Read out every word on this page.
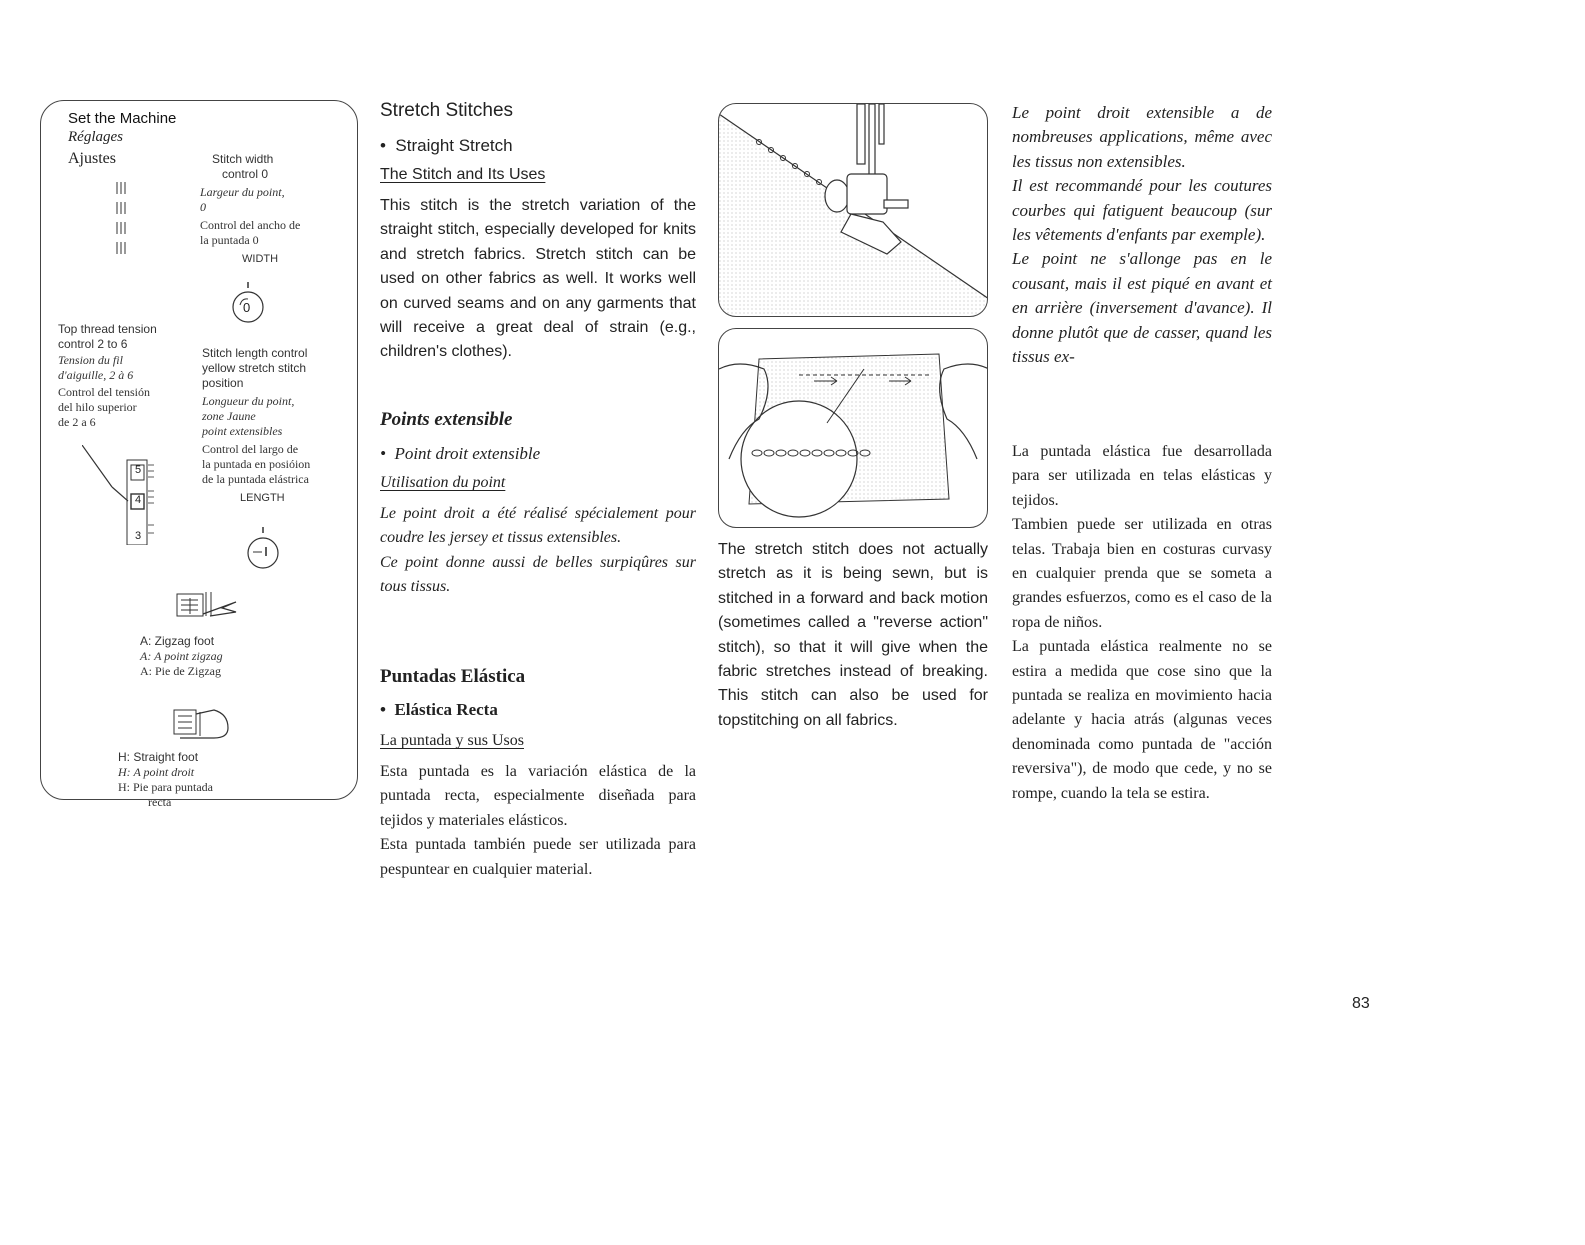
Set the Machine
Réglages
Ajustes	Stitch width

control 0

Largeur du point,

0

Control del ancho de

la puntada 0

WIDTH

0

Top thread tension

control 2 to 6

Tension du fil

d'aiguille, 2 à 6

Control del tensión

del hilo superior

de 2 a 6

Stitch length control

yellow stretch stitch

position

Longueur du point,

zone Jaune

point extensibles

Control del largo de

la puntada en posióion

de la puntada elástrica

LENGTH

5
4
3

A: Zigzag foot

A: A point zigzag

A: Pie de Zigzag

H: Straight foot

H: A point droit

H: Pie para puntada

recta

Stretch Stitches
•  Straight Stretch
The Stitch and Its Uses

This stitch is the stretch variation of the straight stitch, especially developed for knits and stretch fabrics. Stretch stitch can be used on other fabrics as well. It works well on curved seams and on any garments that will receive a great deal of strain (e.g., children's clothes).

Points extensible
•  Point droit extensible
Utilisation du point

Le point droit a été réalisé spécialement pour coudre les jersey et tissus extensibles.

Ce point donne aussi de belles surpiqûres sur tous tissus.

Puntadas Elástica
•  Elástica Recta
La puntada y sus Usos

Esta puntada es la variación elástica de la puntada recta, especialmente diseñada para tejidos y materiales elásticos.

Esta puntada también puede ser utilizada para pespuntear en cualquier material.

The stretch stitch does not actually stretch as it is being sewn, but is stitched in a forward and back motion (sometimes called a "reverse action" stitch), so that it will give when the fabric stretches instead of breaking. This stitch can also be used for topstitching on all fabrics.

Le point droit extensible a de nombreuses applications, même avec les tissus non extensibles.

Il est recommandé pour les coutures courbes qui fatiguent beaucoup (sur les vêtements d'enfants par exemple).

Le point ne s'allonge pas en le cousant, mais il est piqué en avant et en arrière (inversement d'avance). Il donne plutôt que de casser, quand les tissus ex-

La puntada elástica fue desarrollada para ser utilizada en telas elásticas y tejidos.

Tambien puede ser utilizada en otras telas. Trabaja bien en costuras curvasy en cualquier prenda que se someta a grandes esfuerzos, como es el caso de la ropa de niños.

La puntada elástica realmente no se estira a medida que cose sino que la puntada se realiza en movimiento hacia adelante y hacia atrás (algunas veces denominada como puntada de "acción reversiva"), de modo que cede, y no se rompe, cuando la tela se estira.

83
